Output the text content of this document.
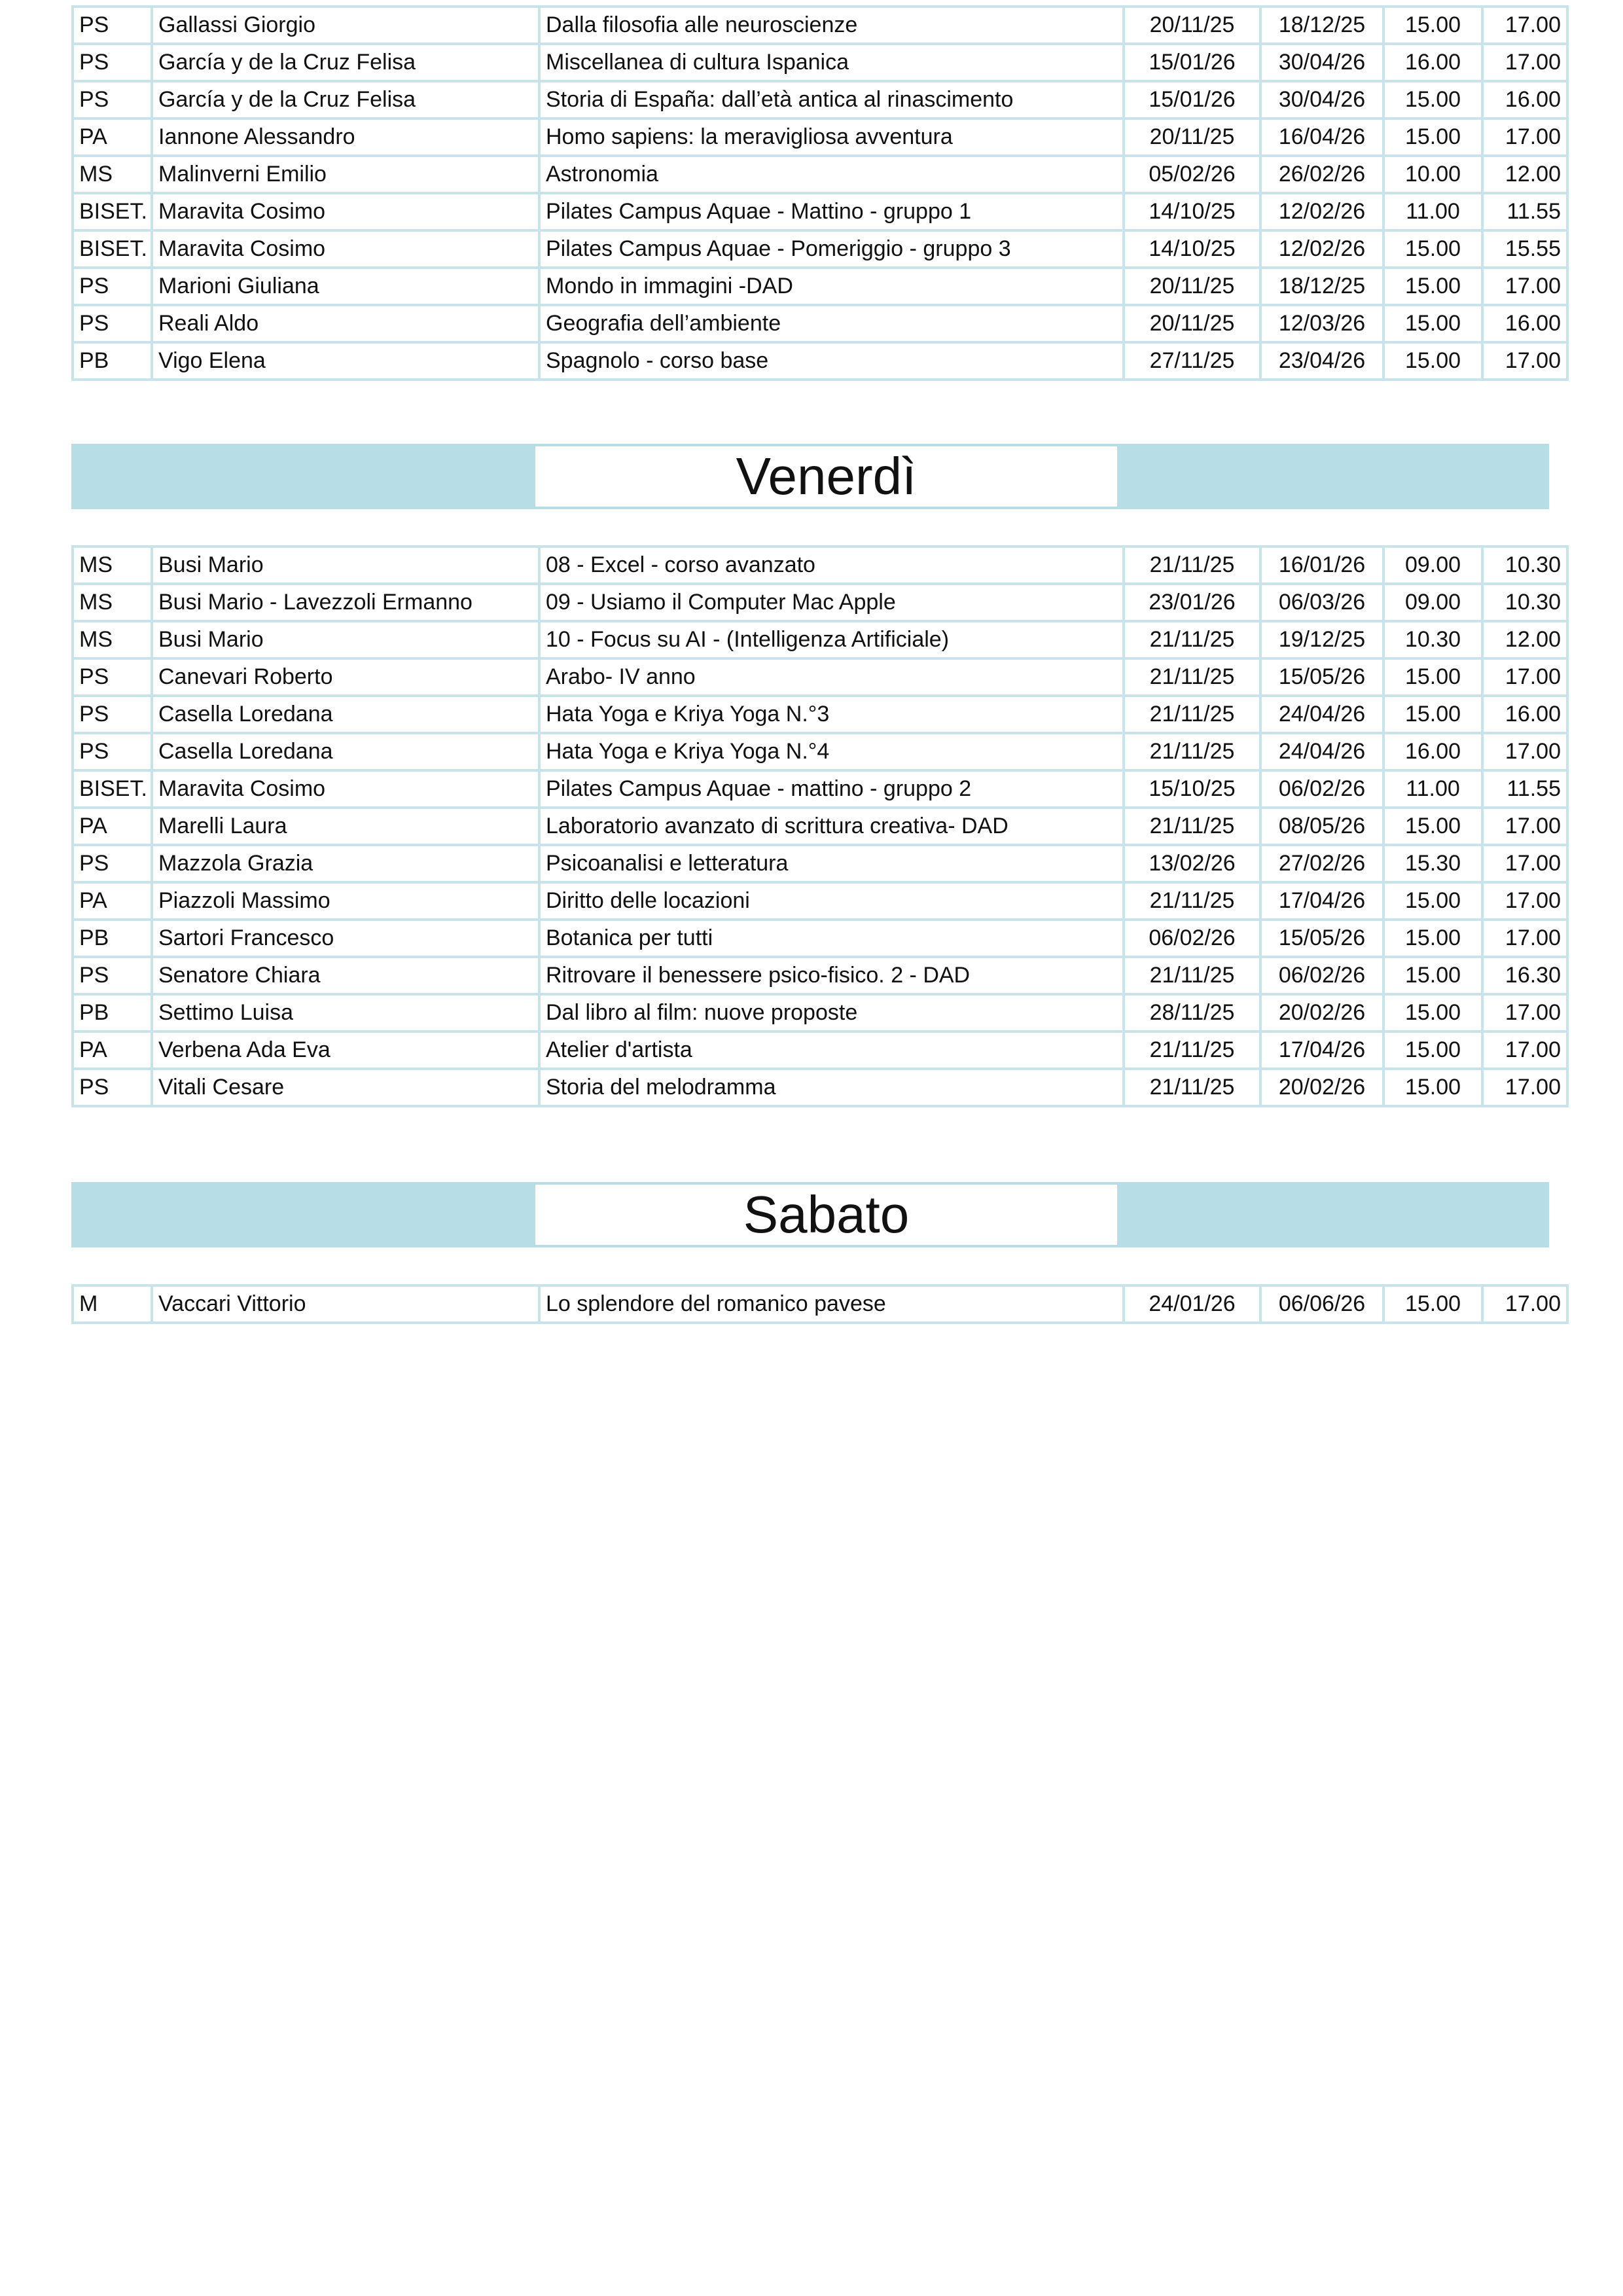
PS	Gallassi Giorgio	Dalla filosofia alle neuroscienze	20/11/25	18/12/25	15.00	17.00
PS	García y de la Cruz Felisa	Miscellanea di cultura Ispanica	15/01/26	30/04/26	16.00	17.00
PS	García y de la Cruz Felisa	Storia di España: dall’età antica al rinascimento	15/01/26	30/04/26	15.00	16.00
PA	Iannone Alessandro	Homo sapiens: la meravigliosa avventura	20/11/25	16/04/26	15.00	17.00
MS	Malinverni Emilio	Astronomia	05/02/26	26/02/26	10.00	12.00
BISET.	Maravita Cosimo	Pilates Campus Aquae - Mattino - gruppo 1	14/10/25	12/02/26	11.00	11.55
BISET.	Maravita Cosimo	Pilates Campus Aquae - Pomeriggio - gruppo 3	14/10/25	12/02/26	15.00	15.55
PS	Marioni Giuliana	Mondo in immagini -DAD	20/11/25	18/12/25	15.00	17.00
PS	Reali Aldo	Geografia dell’ambiente	20/11/25	12/03/26	15.00	16.00
PB	Vigo Elena	Spagnolo - corso base	27/11/25	23/04/26	15.00	17.00
Venerdì
MS	Busi Mario	08 - Excel - corso avanzato	21/11/25	16/01/26	09.00	10.30
MS	Busi Mario - Lavezzoli Ermanno	09 - Usiamo il Computer Mac Apple	23/01/26	06/03/26	09.00	10.30
MS	Busi Mario	10 - Focus su AI - (Intelligenza Artificiale)	21/11/25	19/12/25	10.30	12.00
PS	Canevari Roberto	Arabo- IV anno	21/11/25	15/05/26	15.00	17.00
PS	Casella Loredana	Hata Yoga e Kriya Yoga N.°3	21/11/25	24/04/26	15.00	16.00
PS	Casella Loredana	Hata Yoga e Kriya Yoga N.°4	21/11/25	24/04/26	16.00	17.00
BISET.	Maravita Cosimo	Pilates Campus Aquae - mattino - gruppo 2	15/10/25	06/02/26	11.00	11.55
PA	Marelli Laura	Laboratorio avanzato di scrittura creativa- DAD	21/11/25	08/05/26	15.00	17.00
PS	Mazzola Grazia	Psicoanalisi e letteratura	13/02/26	27/02/26	15.30	17.00
PA	Piazzoli Massimo	Diritto delle locazioni	21/11/25	17/04/26	15.00	17.00
PB	Sartori Francesco	Botanica per tutti	06/02/26	15/05/26	15.00	17.00
PS	Senatore Chiara	Ritrovare il benessere psico-fisico. 2 - DAD	21/11/25	06/02/26	15.00	16.30
PB	Settimo Luisa	Dal libro al film: nuove proposte	28/11/25	20/02/26	15.00	17.00
PA	Verbena Ada Eva	Atelier d'artista	21/11/25	17/04/26	15.00	17.00
PS	Vitali Cesare	Storia del melodramma	21/11/25	20/02/26	15.00	17.00
Sabato
M	Vaccari Vittorio	Lo splendore del romanico pavese	24/01/26	06/06/26	15.00	17.00
